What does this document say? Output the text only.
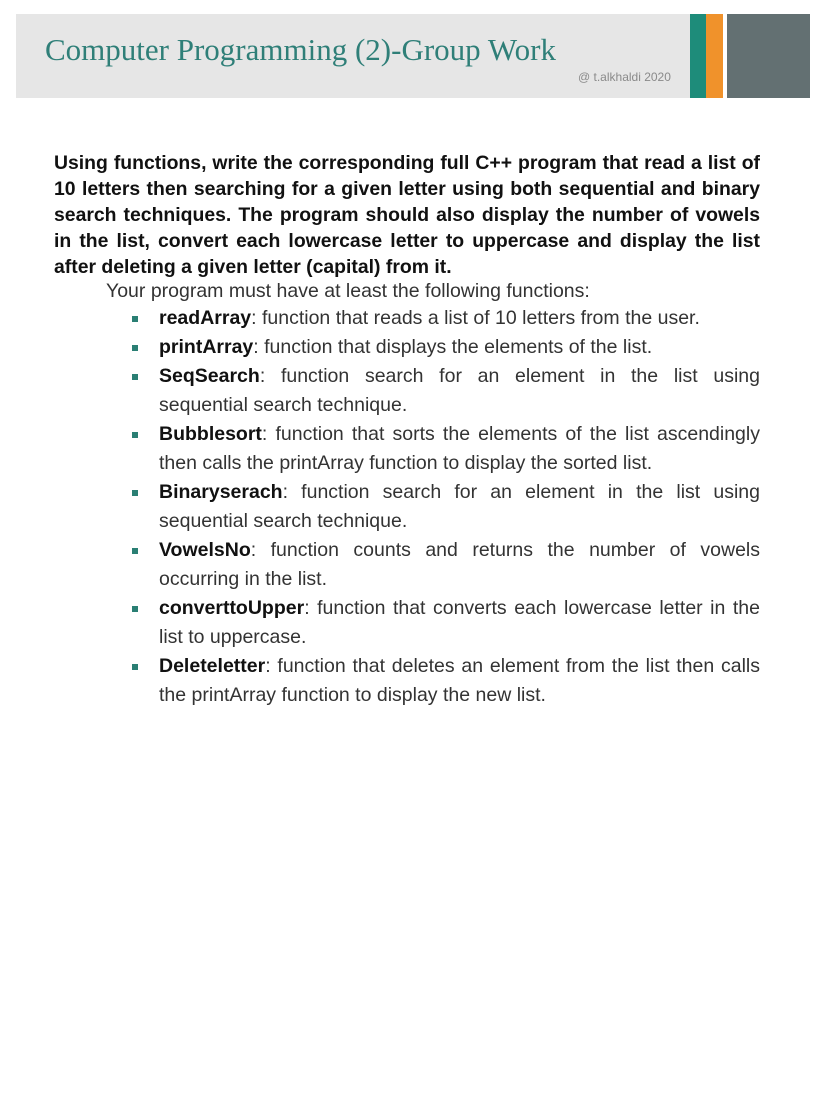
Computer Programming (2)-Group Work
@ t.alkhaldi 2020

Using functions, write the corresponding full C++ program that read a list of 10 letters then searching for a given letter using both sequential and binary search techniques. The program should also display the number of vowels in the list, convert each lowercase letter to uppercase and display the list after deleting a given letter (capital) from it.

Your program must have at least the following functions:

readArray: function that reads a list of 10 letters from the user.
printArray: function that displays the elements of the list.
SeqSearch: function search for an element in the list using sequential search technique.
Bubblesort: function that sorts the elements of the list ascendingly then calls the printArray function to display the sorted list.
Binaryserach: function search for an element in the list using sequential search technique.
VowelsNo: function counts and returns the number of vowels occurring in the list.
converttoUpper: function that converts each lowercase letter in the list to uppercase.
Deleteletter: function that deletes an element from the list then calls the printArray function to display the new list.
